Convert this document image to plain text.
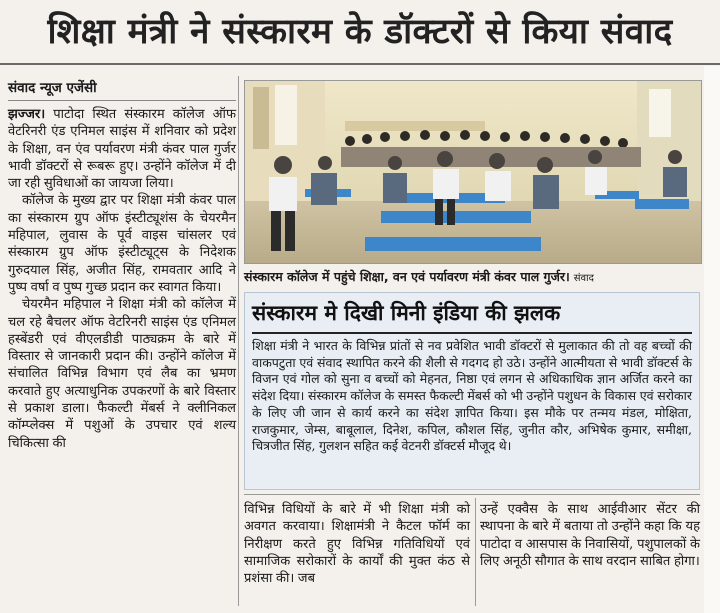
शिक्षा मंत्री ने संस्कारम के डॉक्टरों से किया संवाद
संवाद न्यूज एजेंसी

झज्जर। पाटोदा स्थित संस्कारम कॉलेज ऑफ वेटरिनरी एंड एनिमल साइंस में शनिवार को प्रदेश के शिक्षा, वन एंव पर्यावरण मंत्री कंवर पाल गुर्जर भावी डॉक्टरों से रूबरू हुए। उन्होंने कॉलेज में दी जा रही सुविधाओं का जायजा लिया।

कॉलेज के मुख्य द्वार पर शिक्षा मंत्री कंवर पाल का संस्कारम ग्रुप ऑफ इंस्टीट्यूशंस के चेयरमैन महिपाल, लुवास के पूर्व वाइस चांसलर एवं संस्कारम ग्रुप ऑफ इंस्टीट्यूट्स के निदेशक गुरुदयाल सिंह, अजीत सिंह, रामवतार आदि ने पुष्प वर्षा व पुष्प गुच्छ प्रदान कर स्वागत किया।

चेयरमैन महिपाल ने शिक्षा मंत्री को कॉलेज में चल रहे बैचलर ऑफ वेटरिनरी साइंस एंड एनिमल हस्बेंडरी एवं वीएलडीडी पाठ्यक्रम के बारे में विस्तार से जानकारी प्रदान की। उन्होंने कॉलेज में संचालित विभिन्न विभाग एवं लैब का भ्रमण करवाते हुए अत्याधुनिक उपकरणों के बारे विस्तार से प्रकाश डाला। फैकल्टी मेंबर्स ने क्लीनिकल कॉम्प्लेक्स में पशुओं के उपचार एवं शल्य चिकित्सा की

संस्कारम कॉलेज में पहुंचे शिक्षा, वन एवं पर्यावरण मंत्री कंवर पाल गुर्जर। संवाद
संस्कारम मे दिखी मिनी इंडिया की झलक

शिक्षा मंत्री ने भारत के विभिन्न प्रांतों से नव प्रवेशित भावी डॉक्टरों से मुलाकात की तो वह बच्चों की वाकपटुता एवं संवाद स्थापित करने की शैली से गदगद हो उठे। उन्होंने आत्मीयता से भावी डॉक्टर्स के विजन एवं गोल को सुना व बच्चों को मेहनत, निष्ठा एवं लगन से अधिकाधिक ज्ञान अर्जित करने का संदेश दिया। संस्कारम कॉलेज के समस्त फैकल्टी मेंबर्स को भी उन्होंने पशुधन के विकास एवं सरोकार के लिए जी जान से कार्य करने का संदेश ज्ञापित किया। इस मौके पर तन्मय मंडल, मोक्षिता, राजकुमार, जेम्स, बाबूलाल, दिनेश, कपिल, कौशल सिंह, जुनीत कौर, अभिषेक कुमार, समीक्षा, चित्रजीत सिंह, गुलशन सहित कई वेटनरी डॉक्टर्स मौजूद थे।

विभिन्न विधियों के बारे में भी शिक्षा मंत्री को अवगत करवाया। शिक्षामंत्री ने कैटल फॉर्म का निरीक्षण करते हुए विभिन्न गतिविधियों एवं सामाजिक सरोकारों के कार्यों की मुक्त कंठ से प्रशंसा की। जब

उन्हें एक्वैस के साथ आईवीआर सेंटर की स्थापना के बारे में बताया तो उन्होंने कहा कि यह पाटोदा व आसपास के निवासियों, पशुपालकों के लिए अनूठी सौगात के साथ वरदान साबित होगा।
